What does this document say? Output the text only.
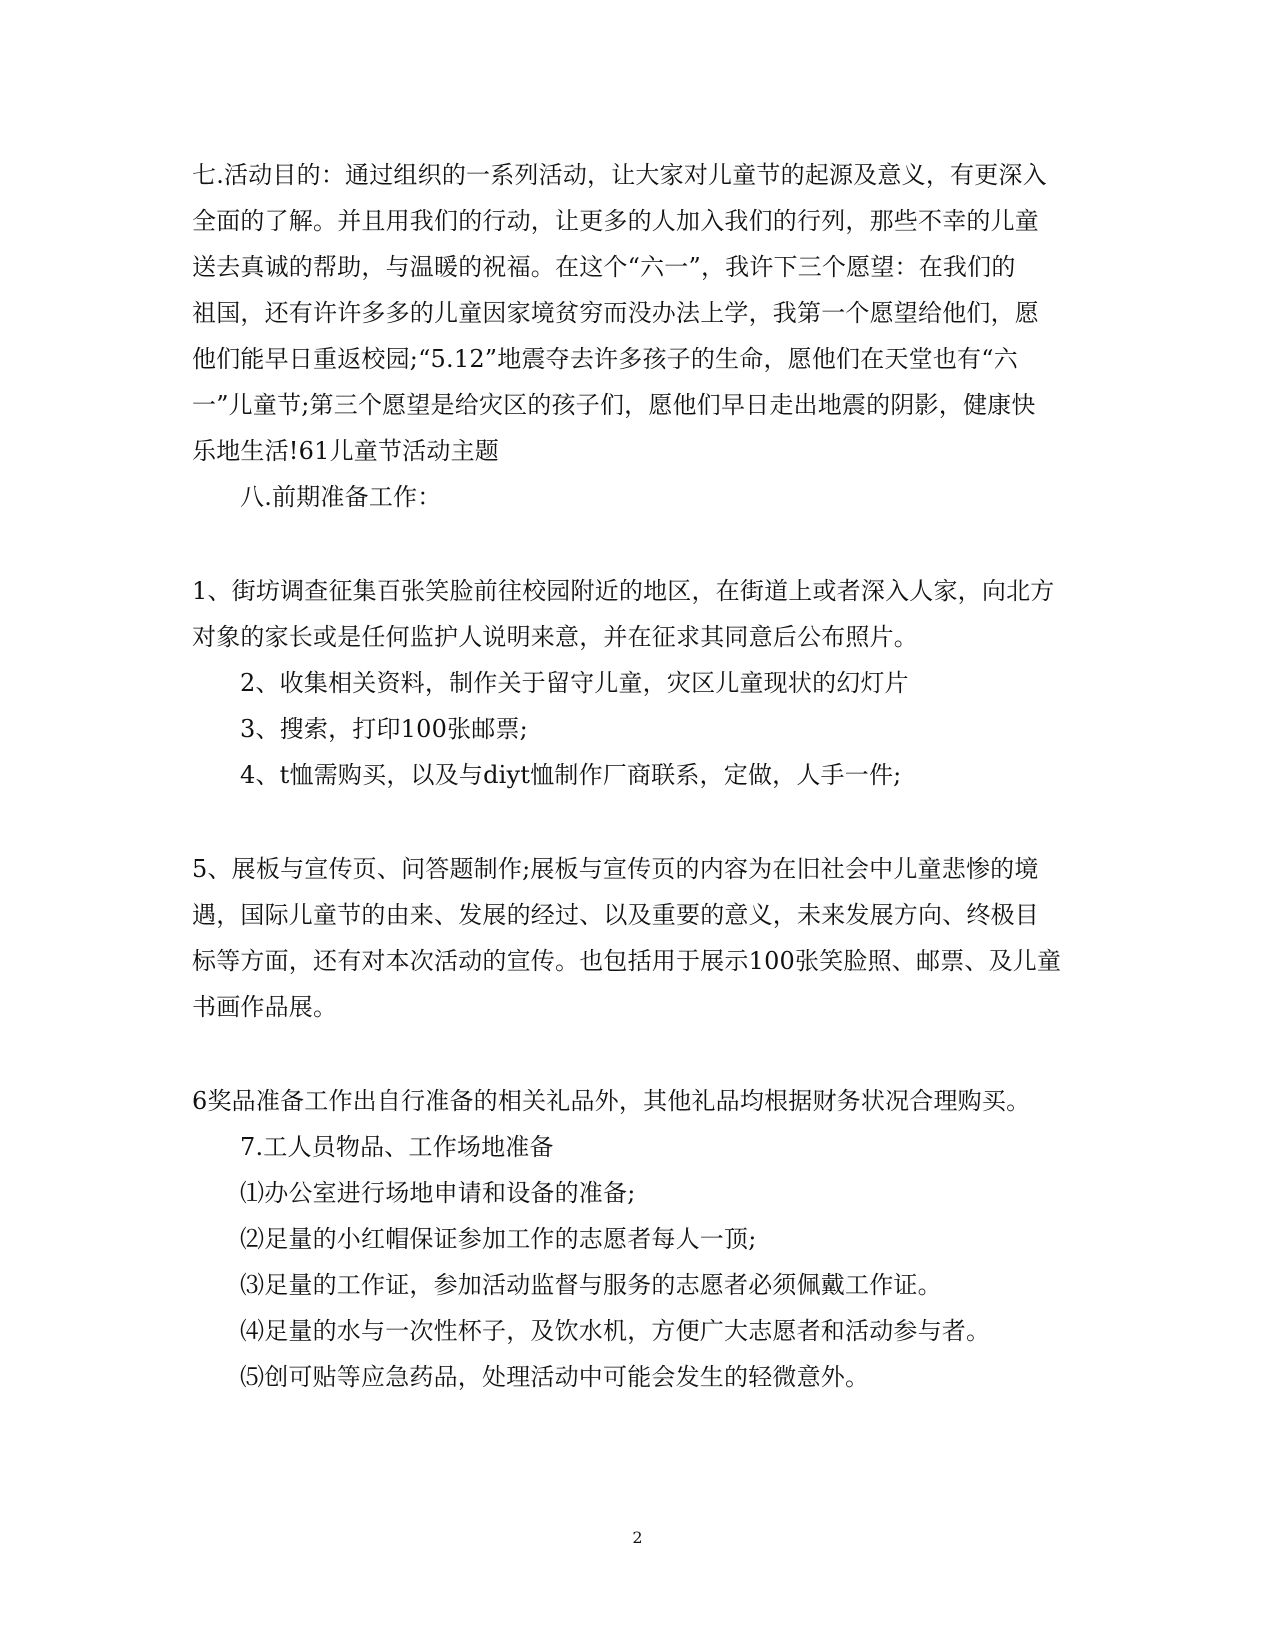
七.活动目的：通过组织的一系列活动，让大家对儿童节的起源及意义，有更深入
全面的了解。并且用我们的行动，让更多的人加入我们的行列，那些不幸的儿童
送去真诚的帮助，与温暖的祝福。在这个“六一”，我许下三个愿望：在我们的
祖国，还有许许多多的儿童因家境贫穷而没办法上学，我第一个愿望给他们，愿
他们能早日重返校园;“5.12”地震夺去许多孩子的生命，愿他们在天堂也有“六
一”儿童节;第三个愿望是给灾区的孩子们，愿他们早日走出地震的阴影，健康快
乐地生活!61儿童节活动主题
八.前期准备工作：
1、街坊调查征集百张笑脸前往校园附近的地区，在街道上或者深入人家，向北方
对象的家长或是任何监护人说明来意，并在征求其同意后公布照片。
2、收集相关资料，制作关于留守儿童，灾区儿童现状的幻灯片
3、搜索，打印100张邮票;
4、t恤需购买，以及与diyt恤制作厂商联系，定做，人手一件;
5、展板与宣传页、问答题制作;展板与宣传页的内容为在旧社会中儿童悲惨的境
遇，国际儿童节的由来、发展的经过、以及重要的意义，未来发展方向、终极目
标等方面，还有对本次活动的宣传。也包括用于展示100张笑脸照、邮票、及儿童
书画作品展。
6奖品准备工作出自行准备的相关礼品外，其他礼品均根据财务状况合理购买。
7.工人员物品、工作场地准备
⑴办公室进行场地申请和设备的准备;
⑵足量的小红帽保证参加工作的志愿者每人一顶;
⑶足量的工作证，参加活动监督与服务的志愿者必须佩戴工作证。
⑷足量的水与一次性杯子，及饮水机，方便广大志愿者和活动参与者。
⑸创可贴等应急药品，处理活动中可能会发生的轻微意外。
2
